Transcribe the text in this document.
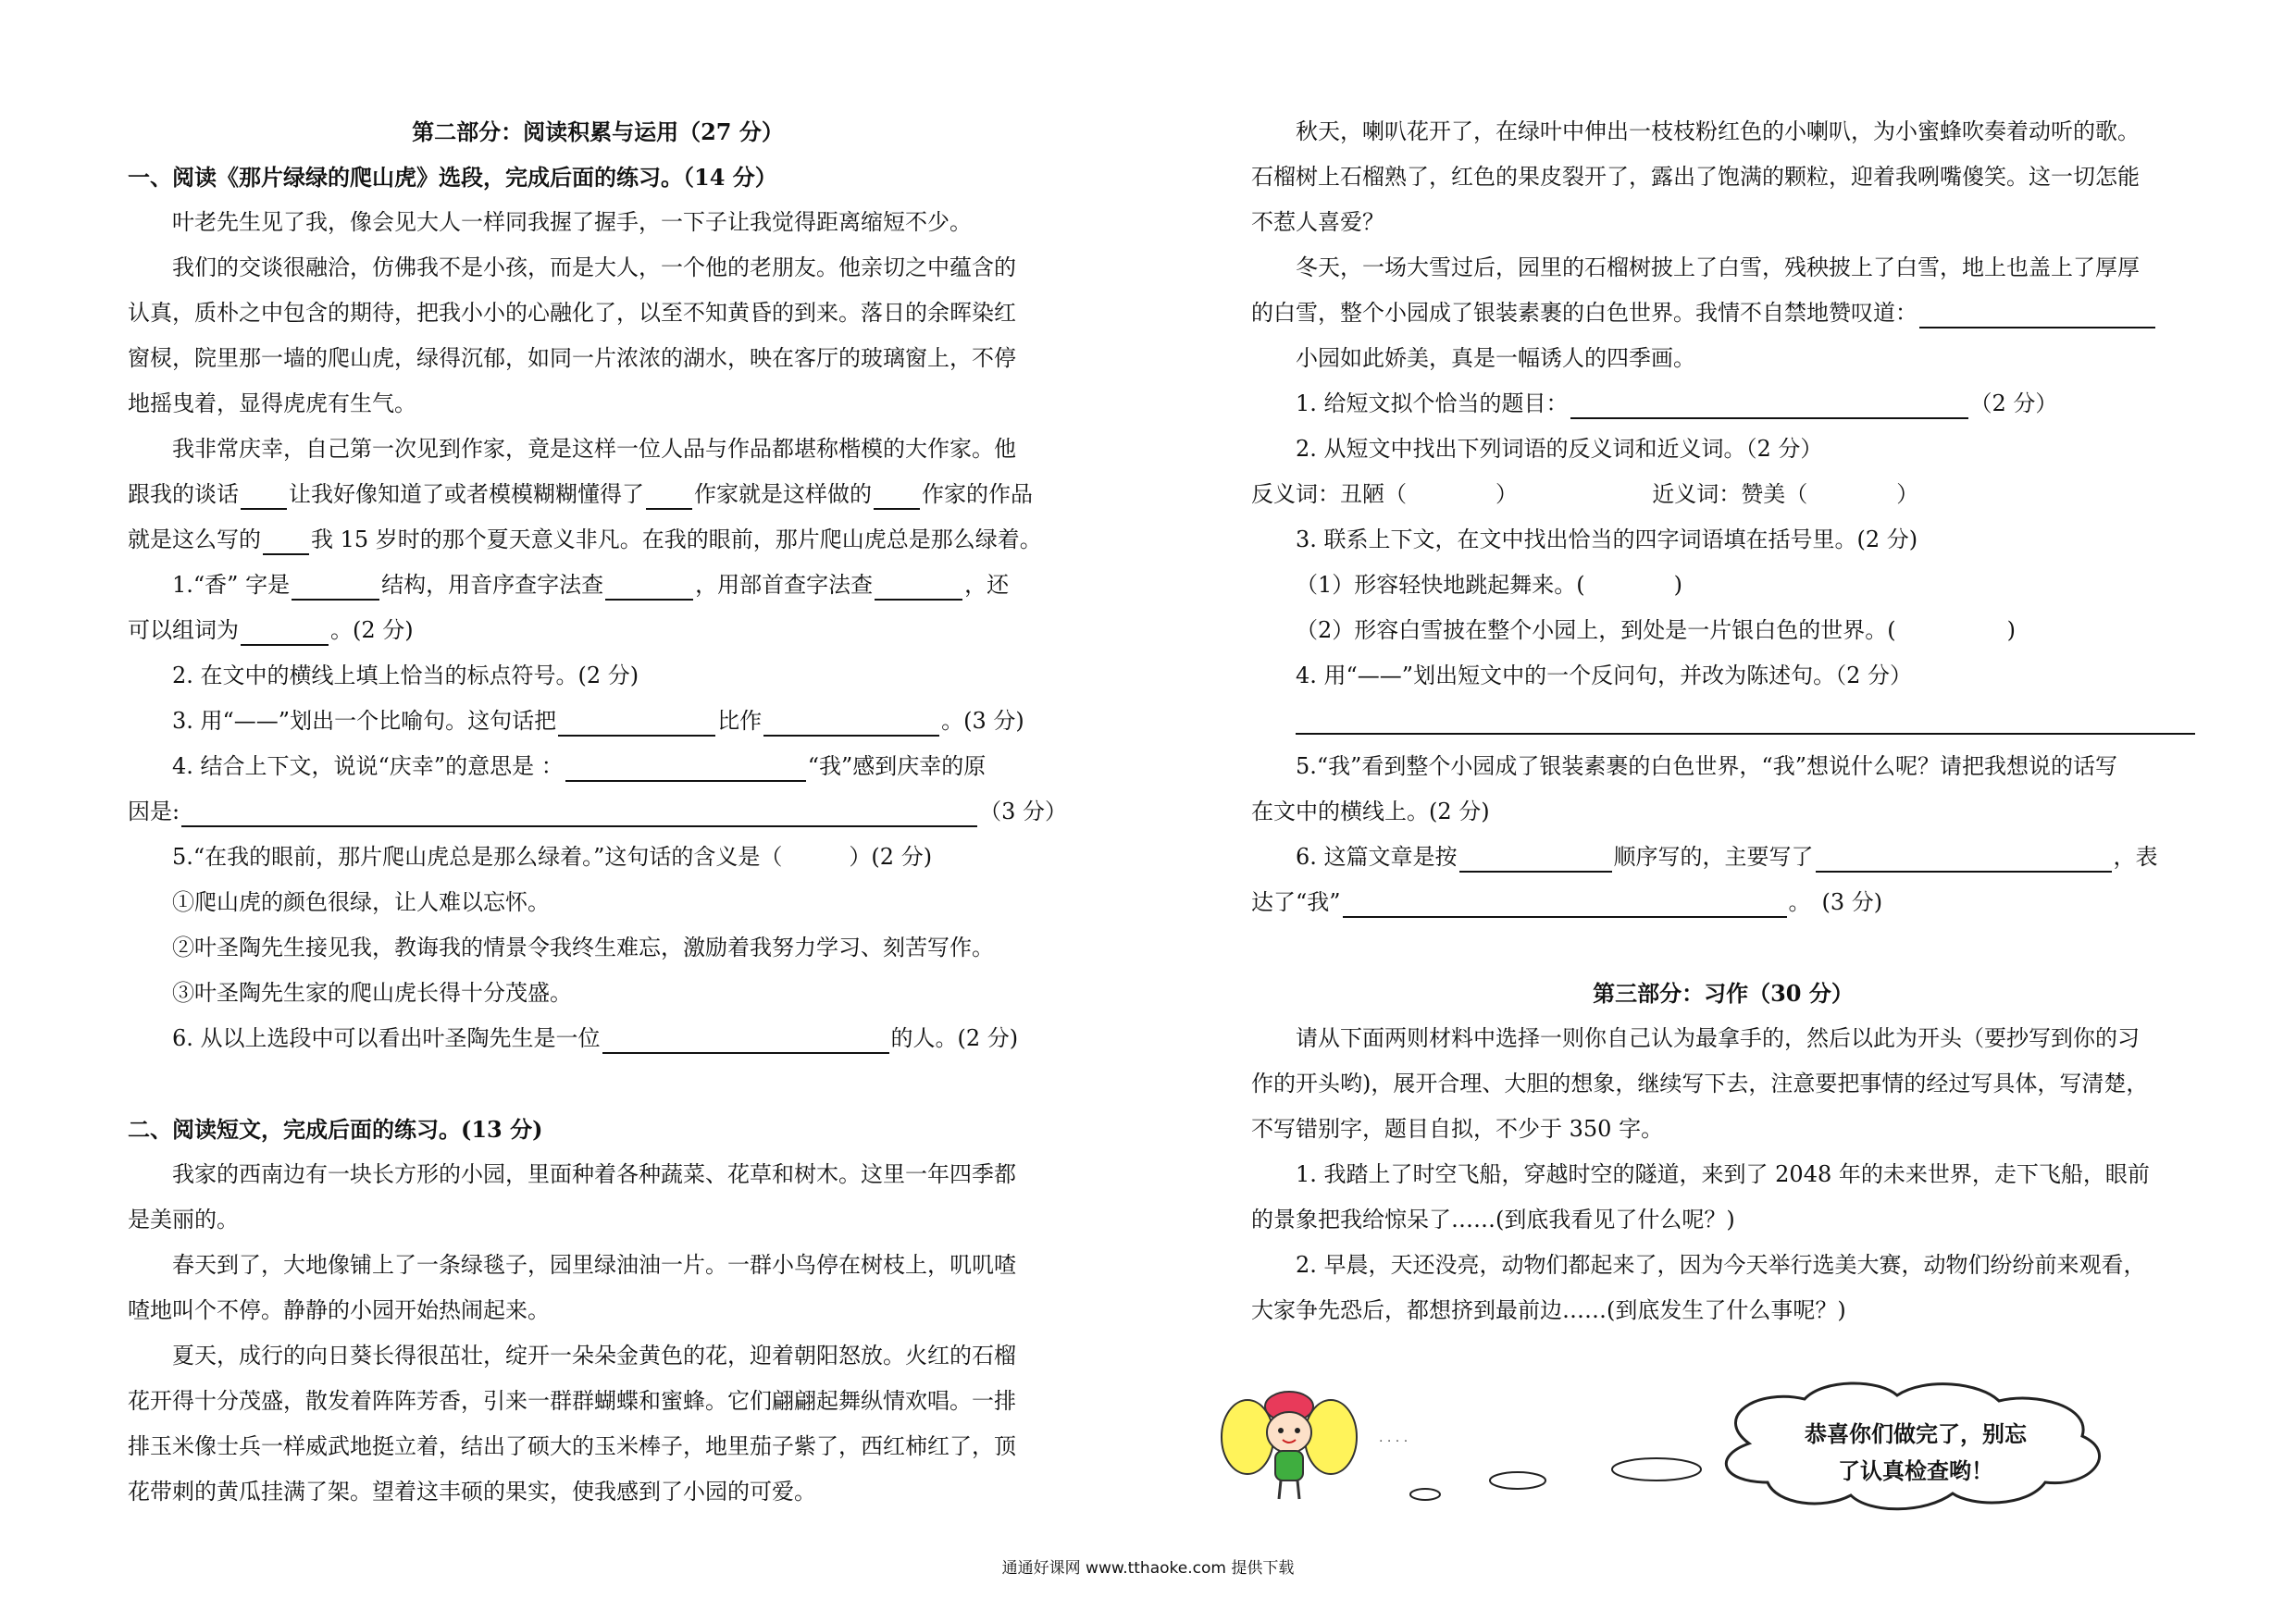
第二部分：阅读积累与运用（27 分）
一、阅读《那片绿绿的爬山虎》选段，完成后面的练习。（14 分）
叶老先生见了我，像会见大人一样同我握了握手，一下子让我觉得距离缩短不少。
我们的交谈很融洽，仿佛我不是小孩，而是大人，一个他的老朋友。他亲切之中蕴含的
认真，质朴之中包含的期待，把我小小的心融化了，以至不知黄昏的到来。落日的余晖染红
窗棂，院里那一墙的爬山虎，绿得沉郁，如同一片浓浓的湖水，映在客厅的玻璃窗上，不停
地摇曳着，显得虎虎有生气。
我非常庆幸，自己第一次见到作家，竟是这样一位人品与作品都堪称楷模的大作家。他
跟我的谈话 让我好像知道了或者模模糊糊懂得了 作家就是这样做的 作家的作品
就是这么写的 我 15 岁时的那个夏天意义非凡。在我的眼前，那片爬山虎总是那么绿着。
1.“香” 字是	结构，用音序查字法查	，用部首查字法查	，还
可以组词为	。(2 分)
2. 在文中的横线上填上恰当的标点符号。(2 分)
3. 用“——”划出一个比喻句。这句话把	比作	。(3 分)
4. 结合上下文，说说“庆幸”的意思是 ：	“我”感到庆幸的原
因是:	（3 分）
5.“在我的眼前，那片爬山虎总是那么绿着。”这句话的含义是（　　　）(2 分)
①爬山虎的颜色很绿，让人难以忘怀。
②叶圣陶先生接见我，教诲我的情景令我终生难忘，激励着我努力学习、刻苦写作。
③叶圣陶先生家的爬山虎长得十分茂盛。
6. 从以上选段中可以看出叶圣陶先生是一位	的人。(2 分)
二、阅读短文，完成后面的练习。(13 分)
我家的西南边有一块长方形的小园，里面种着各种蔬菜、花草和树木。这里一年四季都
是美丽的。
春天到了，大地像铺上了一条绿毯子，园里绿油油一片。一群小鸟停在树枝上，叽叽喳
喳地叫个不停。静静的小园开始热闹起来。
夏天，成行的向日葵长得很茁壮，绽开一朵朵金黄色的花，迎着朝阳怒放。火红的石榴
花开得十分茂盛，散发着阵阵芳香，引来一群群蝴蝶和蜜蜂。它们翩翩起舞纵情欢唱。一排
排玉米像士兵一样威武地挺立着，结出了硕大的玉米棒子，地里茄子紫了，西红柿红了，顶
花带刺的黄瓜挂满了架。望着这丰硕的果实，使我感到了小园的可爱。
秋天，喇叭花开了，在绿叶中伸出一枝枝粉红色的小喇叭，为小蜜蜂吹奏着动听的歌。
石榴树上石榴熟了，红色的果皮裂开了，露出了饱满的颗粒，迎着我咧嘴傻笑。这一切怎能
不惹人喜爱？
冬天，一场大雪过后，园里的石榴树披上了白雪，残秧披上了白雪，地上也盖上了厚厚
的白雪，整个小园成了银装素裹的白色世界。我情不自禁地赞叹道：
小园如此娇美，真是一幅诱人的四季画。
1. 给短文拟个恰当的题目：	（2 分）
2. 从短文中找出下列词语的反义词和近义词。（2 分）
反义词：丑陋（　　　　）	近义词：赞美（　　　　）
3. 联系上下文，在文中找出恰当的四字词语填在括号里。(2 分)
（1）形容轻快地跳起舞来。(　　　　)
（2）形容白雪披在整个小园上，到处是一片银白色的世界。(　　　　　)
4. 用“——”划出短文中的一个反问句，并改为陈述句。（2 分）
5.“我”看到整个小园成了银装素裹的白色世界，“我”想说什么呢？请把我想说的话写
在文中的横线上。(2 分)
6. 这篇文章是按	顺序写的，主要写了	，表
达了“我”	。　(3 分)
第三部分：习作（30 分）
请从下面两则材料中选择一则你自己认为最拿手的，然后以此为开头（要抄写到你的习
作的开头哟)，展开合理、大胆的想象，继续写下去，注意要把事情的经过写具体，写清楚，
不写错别字，题目自拟，不少于 350 字。
1. 我踏上了时空飞船，穿越时空的隧道，来到了 2048 年的未来世界，走下飞船，眼前
的景象把我给惊呆了……(到底我看见了什么呢？)
2. 早晨，天还没亮，动物们都起来了，因为今天举行选美大赛，动物们纷纷前来观看，
大家争先恐后，都想挤到最前边……(到底发生了什么事呢？)
. . . .	恭喜你们做完了，别忘
了认真检查哟！
通通好课网 www.tthaoke.com 提供下载
